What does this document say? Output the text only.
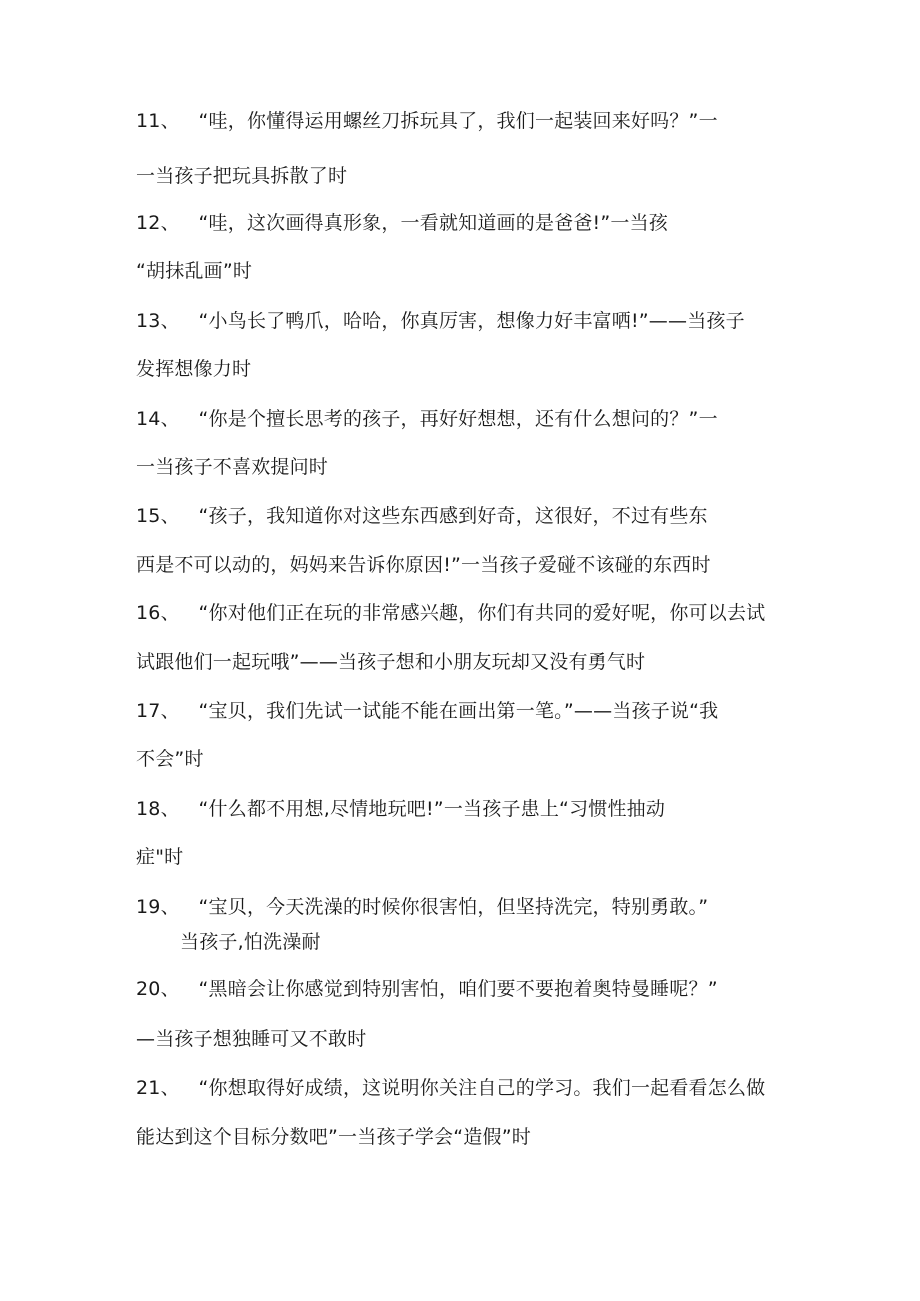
11、 “哇，你懂得运用螺丝刀拆玩具了，我们一起装回来好吗？”一
一当孩子把玩具拆散了时
12、 “哇，这次画得真形象，一看就知道画的是爸爸!”一当孩
“胡抹乱画”时
13、 “小鸟长了鸭爪，哈哈，你真厉害，想像力好丰富哂!”——当孩子
发挥想像力时
14、 “你是个擅长思考的孩子，再好好想想，还有什么想问的？”一
一当孩子不喜欢提问时
15、 “孩子，我知道你对这些东西感到好奇，这很好，不过有些东
西是不可以动的，妈妈来告诉你原因!”一当孩子爱碰不该碰的东西时
16、 “你对他们正在玩的非常感兴趣，你们有共同的爱好呢，你可以去试
试跟他们一起玩哦”——当孩子想和小朋友玩却又没有勇气时
17、 “宝贝，我们先试一试能不能在画出第一笔。”——当孩子说“我
不会”时
18、 “什么都不用想,尽情地玩吧!”一当孩子患上“习惯性抽动
症"时
19、 “宝贝，今天洗澡的时候你很害怕，但坚持洗完，特别勇敢。”
当孩子,怕洗澡耐
20、 “黑暗会让你感觉到特别害怕，咱们要不要抱着奥特曼睡呢？”
—当孩子想独睡可又不敢时
21、 “你想取得好成绩，这说明你关注自己的学习。我们一起看看怎么做
能达到这个目标分数吧”一当孩子学会“造假”时
